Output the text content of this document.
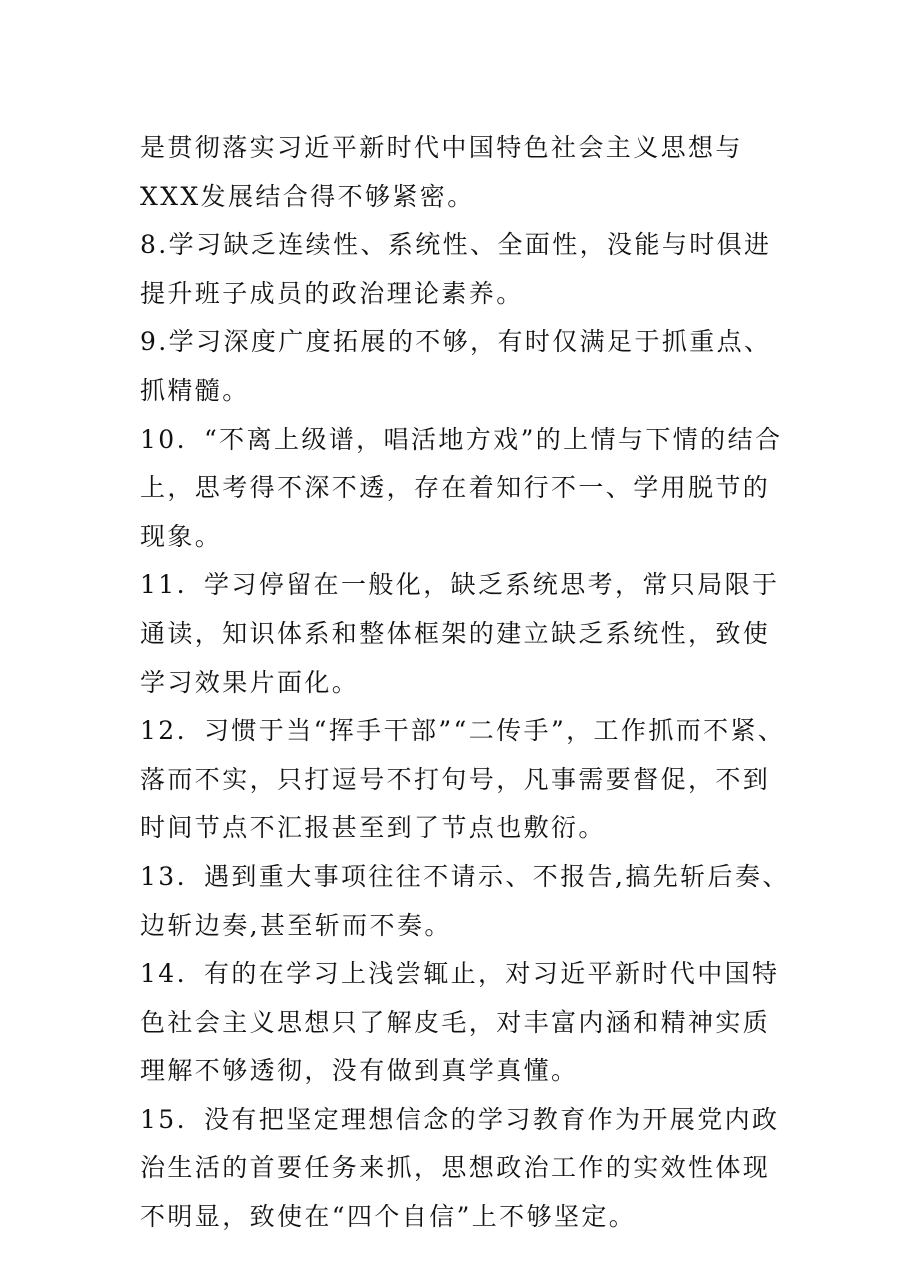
是贯彻落实习近平新时代中国特色社会主义思想与XXX发展结合得不够紧密。

8.学习缺乏连续性、系统性、全面性，没能与时俱进提升班子成员的政治理论素养。

9.学习深度广度拓展的不够，有时仅满足于抓重点、抓精髓。

10. “不离上级谱，唱活地方戏”的上情与下情的结合上，思考得不深不透，存在着知行不一、学用脱节的现象。

11. 学习停留在一般化，缺乏系统思考，常只局限于通读，知识体系和整体框架的建立缺乏系统性，致使学习效果片面化。

12. 习惯于当“挥手干部”“二传手”，工作抓而不紧、落而不实，只打逗号不打句号，凡事需要督促，不到时间节点不汇报甚至到了节点也敷衍。

13. 遇到重大事项往往不请示、不报告,搞先斩后奏、边斩边奏,甚至斩而不奏。

14. 有的在学习上浅尝辄止，对习近平新时代中国特色社会主义思想只了解皮毛，对丰富内涵和精神实质理解不够透彻，没有做到真学真懂。

15. 没有把坚定理想信念的学习教育作为开展党内政治生活的首要任务来抓，思想政治工作的实效性体现不明显，致使在“四个自信”上不够坚定。
